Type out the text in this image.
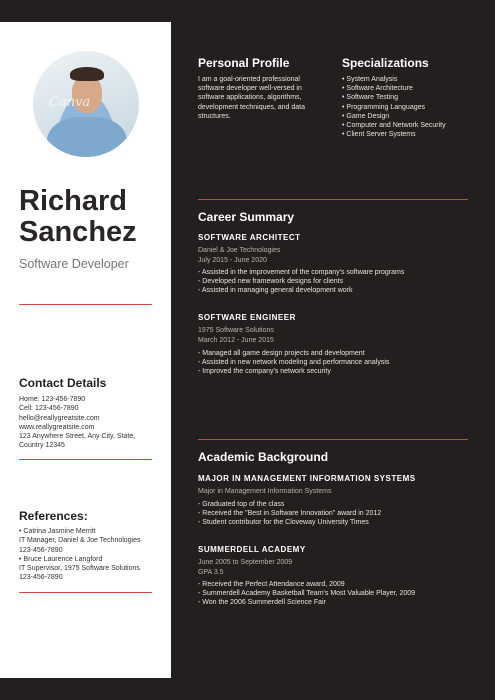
Canva
Richard
Sanchez
Software Developer
Contact Details
Home: 123-456-7890
Cell: 123-456-7890
hello@reallygreatsite.com
www.reallygreatsite.com
123 Anywhere Street, Any City, State,
Country 12345
References:
• Catrina Jasmine Merritt
IT Manager, Daniel & Joe Technologies
123-456-7890
• Bruce Laurence Langford
IT Supervisor, 1975 Software Solutions
123-456-7890
Personal Profile
I am a goal-oriented professional
software developer well-versed in
software applications, algorithms,
development techniques, and data
structures.
Specializations
• System Analysis
• Software Architecture
• Software Testing
• Programming Languages
• Game Design
• Computer and Network Security
• Client Server Systems
Career Summary
SOFTWARE ARCHITECT
Daniel & Joe Technologies
July 2015 - June 2020
- Assisted in the improvement of the company's software programs
- Developed new framework designs for clients
- Assisted in managing general development work
SOFTWARE ENGINEER
1975 Software Solutions
March 2012 - June 2015
- Managed all game design projects and development
- Assisted in new network modeling and performance analysis
- Improved the company's network security
Academic Background
MAJOR IN MANAGEMENT INFORMATION SYSTEMS
Major in Management Information Systems
- Graduated top of the class
- Received the "Best in Software Innovation" award in 2012
- Student contributor for the Cloveway University Times
SUMMERDELL ACADEMY
June 2005 to September 2009
GPA 3.5
- Received the Perfect Attendance award, 2009
- Summerdell Academy Basketball Team's Most Valuable Player, 2009
- Won the 2006 Summerdell Science Fair
